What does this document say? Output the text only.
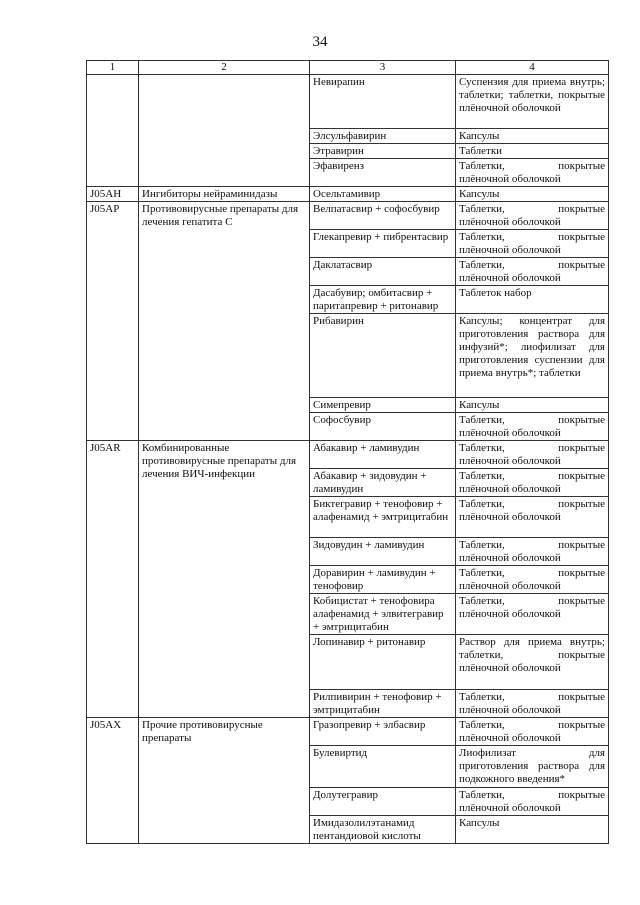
34
1	2	3	4
		Невирапин	Суспензия для приема внутрь; таблетки; таблетки, покрытые плёночной оболочкой
		Элсульфавирин	Капсулы
		Этравирин	Таблетки
		Эфавиренз	Таблетки, покрытые плёночной оболочкой
J05AH	Ингибиторы нейраминидазы	Осельтамивир	Капсулы
J05AP	Противовирусные препараты для лечения гепатита С	Велпатасвир + софосбувир	Таблетки, покрытые плёночной оболочкой
		Глекапревир + пибрентасвир	Таблетки, покрытые плёночной оболочкой
		Даклатасвир	Таблетки, покрытые плёночной оболочкой
		Дасабувир; омбитасвир + паритапревир + ритонавир	Таблеток набор
		Рибавирин	Капсулы; концентрат для приготовления раствора для инфузий*; лиофилизат для приготовления суспензии для приема внутрь*; таблетки
		Симепревир	Капсулы
		Софосбувир	Таблетки, покрытые плёночной оболочкой
J05AR	Комбинированные противовирусные препараты для лечения ВИЧ-инфекции	Абакавир + ламивудин	Таблетки, покрытые плёночной оболочкой
		Абакавир + зидовудин + ламивудин	Таблетки, покрытые плёночной оболочкой
		Биктегравир + тенофовир + алафенамид + эмтрицитабин	Таблетки, покрытые плёночной оболочкой
		Зидовудин + ламивудин	Таблетки, покрытые плёночной оболочкой
		Доравирин + ламивудин + тенофовир	Таблетки, покрытые плёночной оболочкой
		Кобицистат + тенофовира алафенамид + элвитегравир + эмтрицитабин	Таблетки, покрытые плёночной оболочкой
		Лопинавир + ритонавир	Раствор для приема внутрь; таблетки, покрытые плёночной оболочкой
		Рилпивирин + тенофовир + эмтрицитабин	Таблетки, покрытые плёночной оболочкой
J05AX	Прочие противовирусные препараты	Гразопревир + элбасвир	Таблетки, покрытые плёночной оболочкой
		Булевиртид	Лиофилизат для приготовления раствора для подкожного введения*
		Долутегравир	Таблетки, покрытые плёночной оболочкой
		Имидазолилэтанамид пентандиовой кислоты	Капсулы
